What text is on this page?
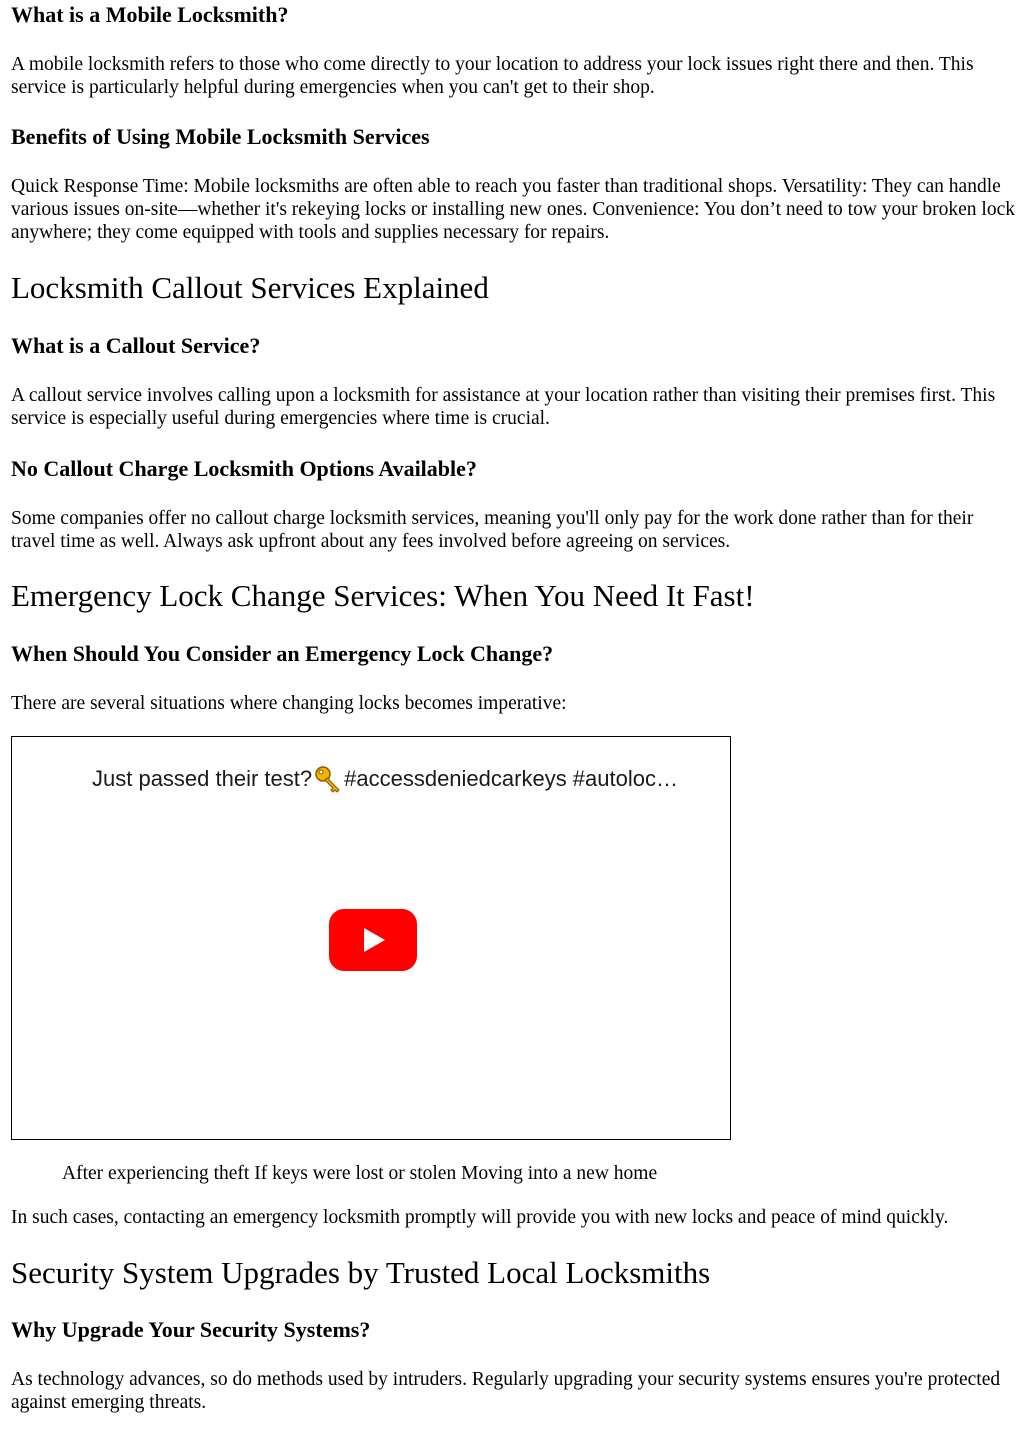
What is a Mobile Locksmith?

A mobile locksmith refers to those who come directly to your location to address your lock issues right there and then. This service is particularly helpful during emergencies when you can't get to their shop.

Benefits of Using Mobile Locksmith Services

Quick Response Time: Mobile locksmiths are often able to reach you faster than traditional shops. Versatility: They can handle various issues on-site—whether it's rekeying locks or installing new ones. Convenience: You don’t need to tow your broken lock anywhere; they come equipped with tools and supplies necessary for repairs.

Locksmith Callout Services Explained
What is a Callout Service?

A callout service involves calling upon a locksmith for assistance at your location rather than visiting their premises first. This service is especially useful during emergencies where time is crucial.

No Callout Charge Locksmith Options Available?

Some companies offer no callout charge locksmith services, meaning you'll only pay for the work done rather than for their travel time as well. Always ask upfront about any fees involved before agreeing on services.

Emergency Lock Change Services: When You Need It Fast!
When Should You Consider an Emergency Lock Change?

There are several situations where changing locks becomes imperative:

Just passed their test? #accessdeniedcarkeys #autoloc…

After experiencing theft If keys were lost or stolen Moving into a new home

In such cases, contacting an emergency locksmith promptly will provide you with new locks and peace of mind quickly.

Security System Upgrades by Trusted Local Locksmiths
Why Upgrade Your Security Systems?

As technology advances, so do methods used by intruders. Regularly upgrading your security systems ensures you're protected against emerging threats.
